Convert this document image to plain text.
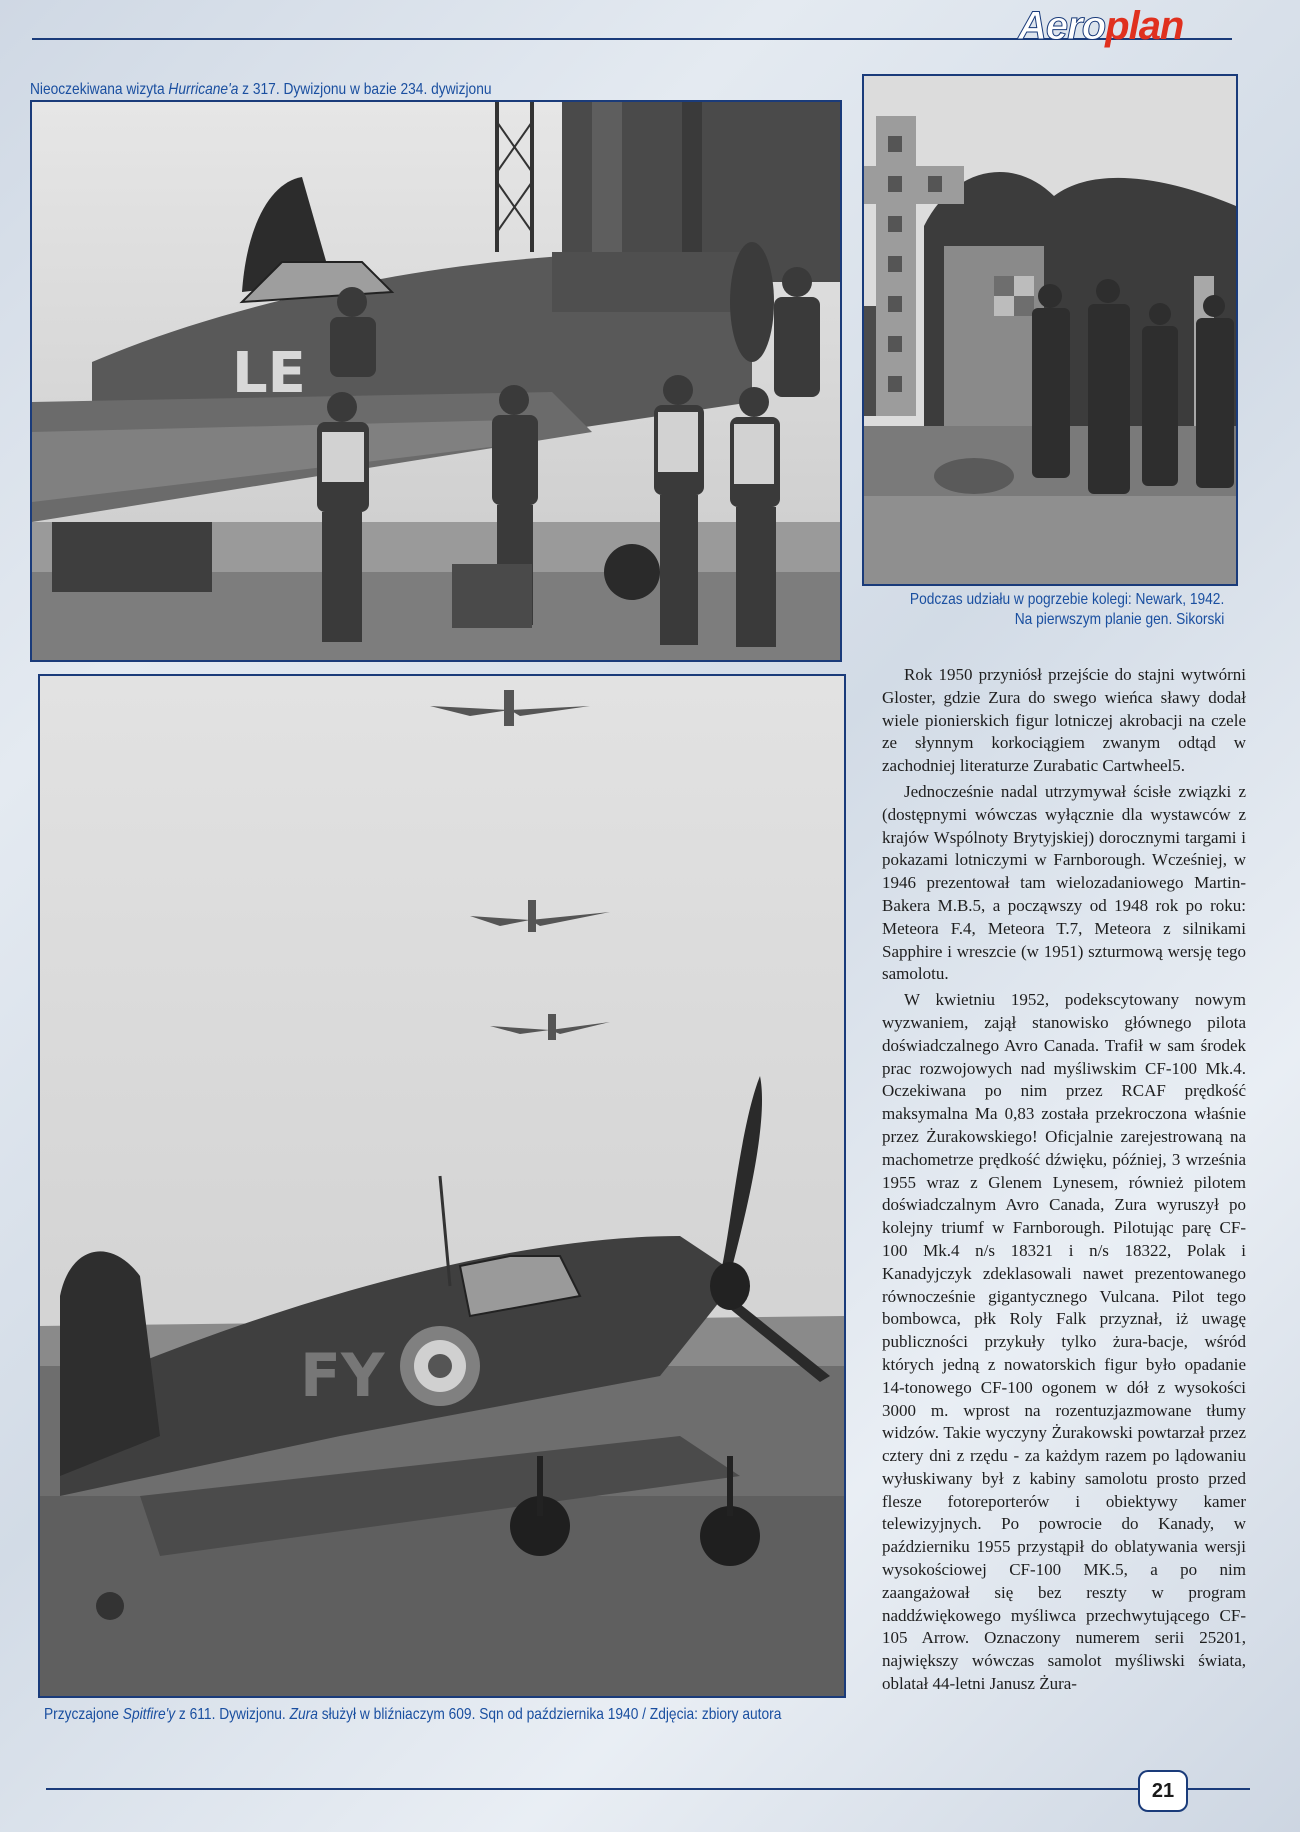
Aeroplan
Nieoczekiwana wizyta Hurricane'a z 317. Dywizjonu w bazie 234. dywizjonu
LE
Podczas udziału w pogrzebie kolegi: Newark, 1942.
Na pierwszym planie gen. Sikorski
FY
Przyczajone Spitfire'y z 611. Dywizjonu. Zura służył w bliźniaczym 609. Sqn od października 1940 / Zdjęcia: zbiory autora

Rok 1950 przyniósł przejście do stajni wytwórni Gloster, gdzie Zura do swego wieńca sławy dodał wiele pionierskich figur lotniczej akrobacji na czele ze słynnym korkociągiem zwanym odtąd w zachodniej literaturze Zurabatic Cartwheel5.

Jednocześnie nadal utrzymywał ścisłe związki z (dostępnymi wówczas wyłącznie dla wystawców z krajów Wspólnoty Brytyjskiej) dorocznymi targami i pokazami lotniczymi w Farnborough. Wcześniej, w 1946 prezentował tam wielozadaniowego Martin-Bakera M.B.5, a począwszy od 1948 rok po roku: Meteora F.4, Meteora T.7, Meteora z silnikami Sapphire i wreszcie (w 1951) szturmową wersję tego samolotu.

W kwietniu 1952, podekscytowany nowym wyzwaniem, zajął stanowisko głównego pilota doświadczalnego Avro Canada. Trafił w sam środek prac rozwojowych nad myśliwskim CF-100 Mk.4. Oczekiwana po nim przez RCAF prędkość maksymalna Ma 0,83 została przekroczona właśnie przez Żurakowskiego! Oficjalnie zarejestrowaną na machometrze prędkość dźwięku, później, 3 września 1955 wraz z Glenem Lynesem, również pilotem doświadczalnym Avro Canada, Zura wyruszył po kolejny triumf w Farnborough. Pilotując parę CF-100 Mk.4 n/s 18321 i n/s 18322, Polak i Kanadyjczyk zdeklasowali nawet prezentowanego równocześnie gigantycznego Vulcana. Pilot tego bombowca, płk Roly Falk przyznał, iż uwagę publiczności przykuły tylko żura-bacje, wśród których jedną z nowatorskich figur było opadanie 14-tonowego CF-100 ogonem w dół z wysokości 3000 m. wprost na rozentuzjazmowane tłumy widzów. Takie wyczyny Żurakowski powtarzał przez cztery dni z rzędu - za każdym razem po lądowaniu wyłuskiwany był z kabiny samolotu prosto przed flesze fotoreporterów i obiektywy kamer telewizyjnych. Po powrocie do Kanady, w październiku 1955 przystąpił do oblatywania wersji wysokościowej CF-100 MK.5, a po nim zaangażował się bez reszty w program naddźwiękowego myśliwca przechwytującego CF-105 Arrow. Oznaczony numerem serii 25201, największy wówczas samolot myśliwski świata, oblatał 44-letni Janusz Żura-

21
